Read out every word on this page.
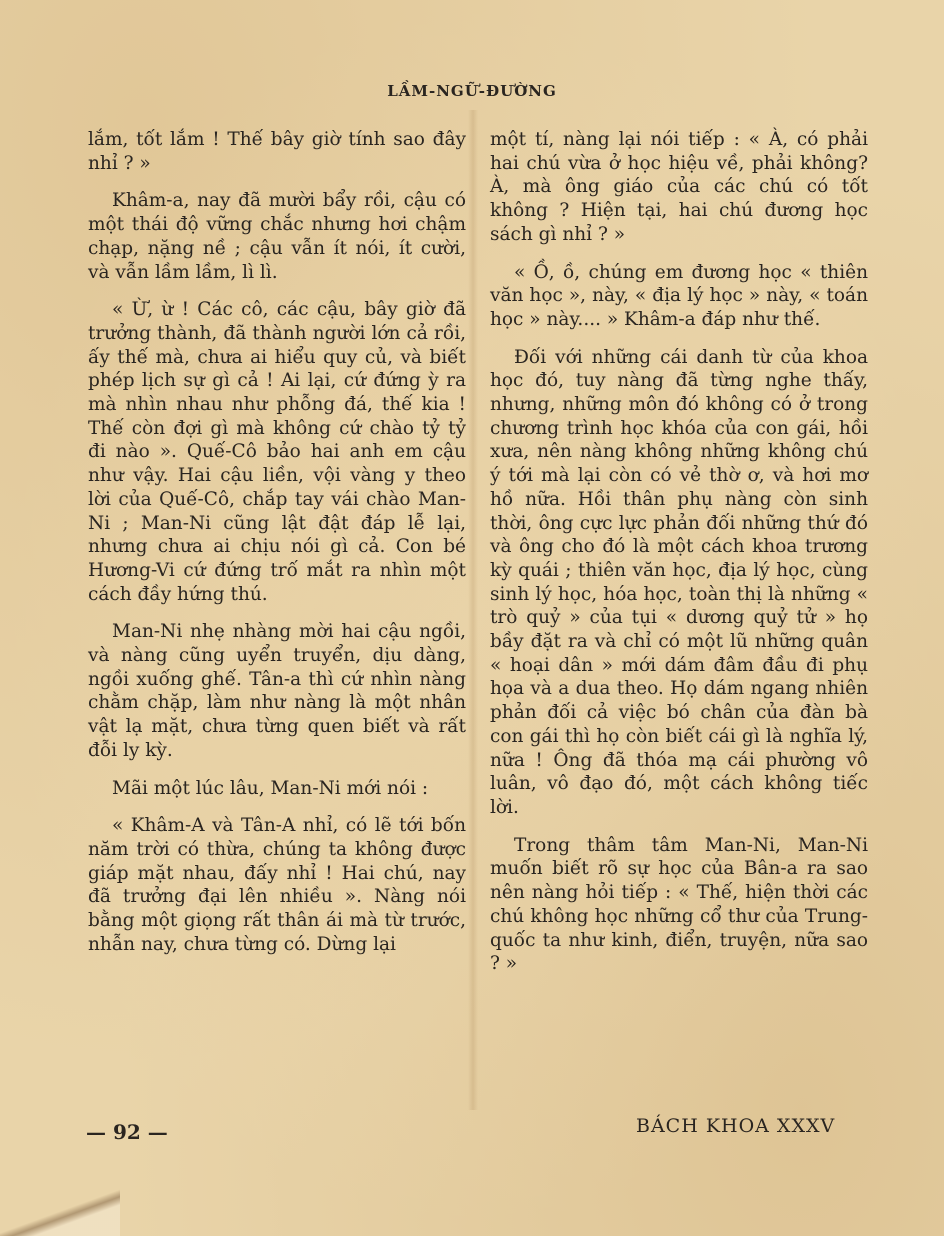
LẦM-NGỮ-ĐƯỜNG

lắm, tốt lắm ! Thế bây giờ tính sao đây nhỉ ? »

Khâm-a, nay đã mười bẩy rồi, cậu có một thái độ vững chắc nhưng hơi chậm chạp, nặng nề ; cậu vẫn ít nói, ít cười, và vẫn lầm lầm, lì lì.

« Ừ, ừ ! Các cô, các cậu, bây giờ đã trưởng thành, đã thành người lớn cả rồi, ấy thế mà, chưa ai hiểu quy củ, và biết phép lịch sự gì cả ! Ai lại, cứ đứng ỳ ra mà nhìn nhau như phỗng đá, thế kia ! Thế còn đợi gì mà không cứ chào tỷ tỷ đi nào ». Quế-Cô bảo hai anh em cậu như vậy. Hai cậu liền, vội vàng y theo lời của Quế-Cô, chắp tay vái chào Man-Ni ; Man-Ni cũng lật đật đáp lễ lại, nhưng chưa ai chịu nói gì cả. Con bé Hương-Vi cứ đứng trố mắt ra nhìn một cách đầy hứng thú.

Man-Ni nhẹ nhàng mời hai cậu ngồi, và nàng cũng uyển truyển, dịu dàng, ngồi xuống ghế. Tân-a thì cứ nhìn nàng chằm chặp, làm như nàng là một nhân vật lạ mặt, chưa từng quen biết và rất đỗi ly kỳ.

Mãi một lúc lâu, Man-Ni mới nói :

« Khâm-A và Tân-A nhỉ, có lẽ tới bốn năm trời có thừa, chúng ta không được giáp mặt nhau, đấy nhỉ ! Hai chú, nay đã trưởng đại lên nhiều ». Nàng nói bằng một giọng rất thân ái mà từ trước, nhẫn nay, chưa từng có. Dừng lại

một tí, nàng lại nói tiếp : « À, có phải hai chú vừa ở học hiệu về, phải không? À, mà ông giáo của các chú có tốt không ? Hiện tại, hai chú đương học sách gì nhỉ ? »

« Ồ, ồ, chúng em đương học « thiên văn học », này, « địa lý học » này, « toán học » này.... » Khâm-a đáp như thế.

Đối với những cái danh từ của khoa học đó, tuy nàng đã từng nghe thấy, nhưng, những môn đó không có ở trong chương trình học khóa của con gái, hồi xưa, nên nàng không những không chú ý tới mà lại còn có vẻ thờ ơ, và hơi mơ hồ nữa. Hồi thân phụ nàng còn sinh thời, ông cực lực phản đối những thứ đó và ông cho đó là một cách khoa trương kỳ quái ; thiên văn học, địa lý học, cùng sinh lý học, hóa học, toàn thị là những « trò quỷ » của tụi « dương quỷ tử » họ bầy đặt ra và chỉ có một lũ những quân « hoại dân » mới dám đâm đầu đi phụ họa và a dua theo. Họ dám ngang nhiên phản đối cả việc bó chân của đàn bà con gái thì họ còn biết cái gì là nghĩa lý, nữa ! Ông đã thóa mạ cái phường vô luân, vô đạo đó, một cách không tiếc lời.

Trong thâm tâm Man-Ni, Man-Ni muốn biết rõ sự học của Bân-a ra sao nên nàng hỏi tiếp : « Thế, hiện thời các chú không học những cổ thư của Trung-quốc ta như kinh, điển, truyện, nữa sao ? »

— 92 —	BÁCH KHOA XXXV
